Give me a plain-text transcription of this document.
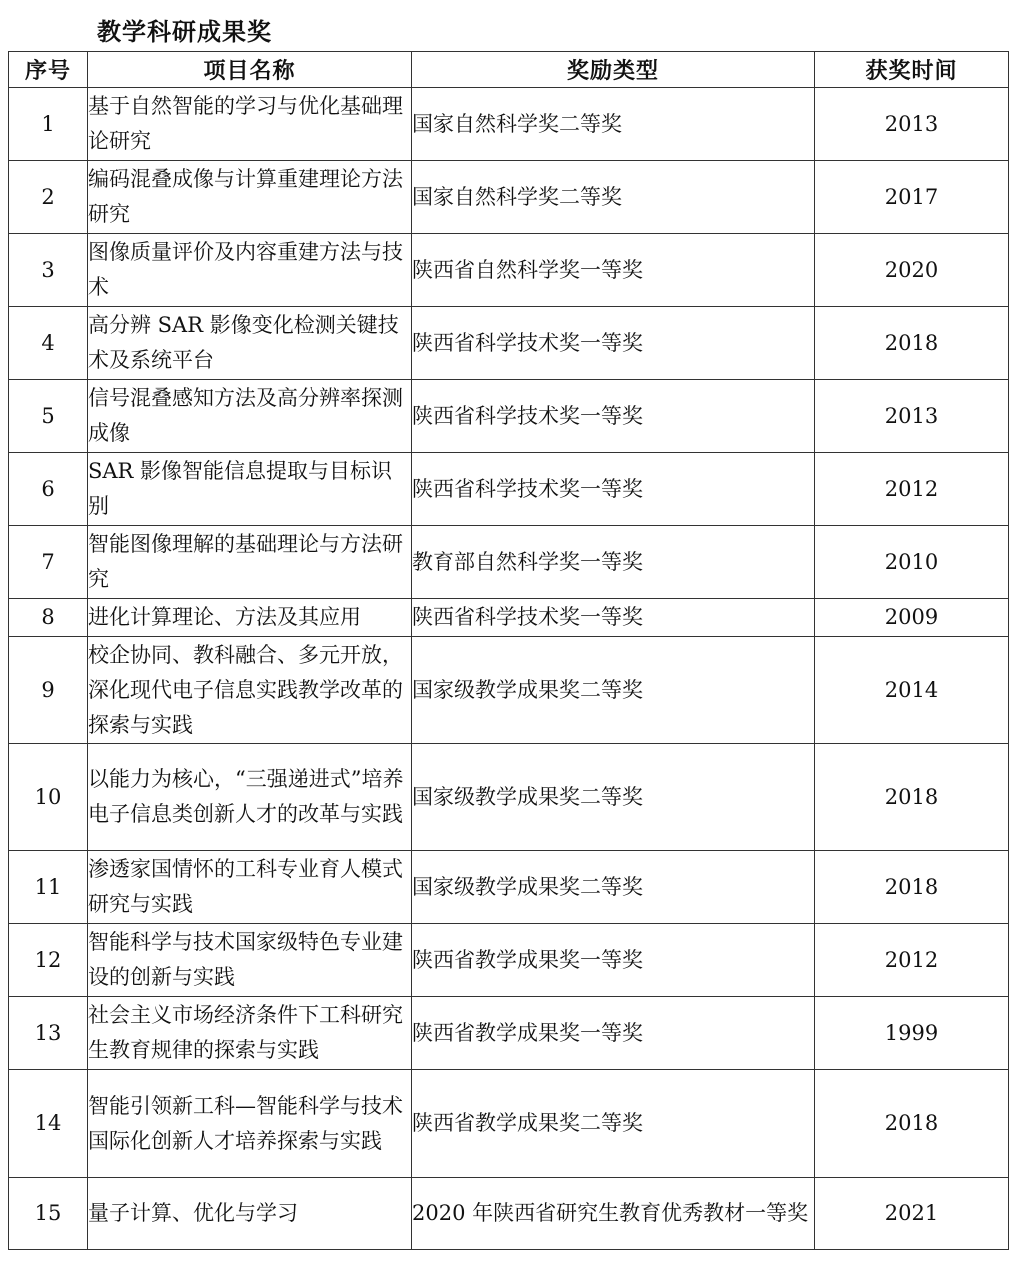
教学科研成果奖
序号	项目名称	奖励类型	获奖时间
1	基于自然智能的学习与优化基础理论研究	国家自然科学奖二等奖	2013
2	编码混叠成像与计算重建理论方法研究	国家自然科学奖二等奖	2017
3	图像质量评价及内容重建方法与技术	陕西省自然科学奖一等奖	2020
4	高分辨 SAR 影像变化检测关键技术及系统平台	陕西省科学技术奖一等奖	2018
5	信号混叠感知方法及高分辨率探测成像	陕西省科学技术奖一等奖	2013
6	SAR 影像智能信息提取与目标识别	陕西省科学技术奖一等奖	2012
7	智能图像理解的基础理论与方法研究	教育部自然科学奖一等奖	2010
8	进化计算理论、方法及其应用	陕西省科学技术奖一等奖	2009
9	校企协同、教科融合、多元开放，深化现代电子信息实践教学改革的探索与实践	国家级教学成果奖二等奖	2014
10	以能力为核心，“三强递进式”培养电子信息类创新人才的改革与实践	国家级教学成果奖二等奖	2018
11	渗透家国情怀的工科专业育人模式研究与实践	国家级教学成果奖二等奖	2018
12	智能科学与技术国家级特色专业建设的创新与实践	陕西省教学成果奖一等奖	2012
13	社会主义市场经济条件下工科研究生教育规律的探索与实践	陕西省教学成果奖一等奖	1999
14	智能引领新工科—智能科学与技术国际化创新人才培养探索与实践	陕西省教学成果奖二等奖	2018
15	量子计算、优化与学习	2020 年陕西省研究生教育优秀教材一等奖	2021
